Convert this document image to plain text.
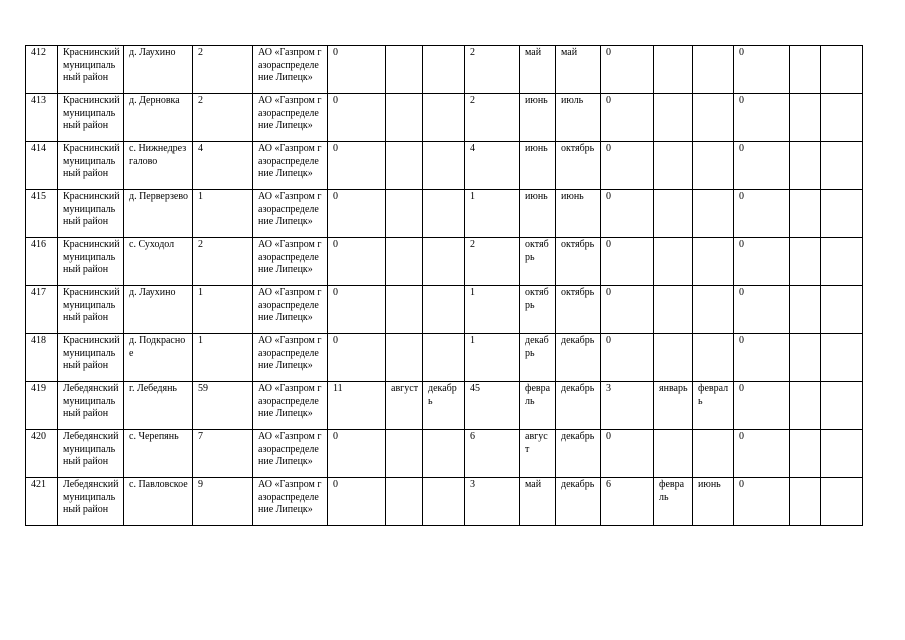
412	Краснинский муниципальный район	д. Лаухино	2	АО «Газпром газораспределение Липецк»	0			2	май	май	0			0		
413	Краснинский муниципальный район	д. Дерновка	2	АО «Газпром газораспределение Липецк»	0			2	июнь	июль	0			0		
414	Краснинский муниципальный район	с. Нижнедрезгалово	4	АО «Газпром газораспределение Липецк»	0			4	июнь	октябрь	0			0		
415	Краснинский муниципальный район	д. Перверзево	1	АО «Газпром газораспределение Липецк»	0			1	июнь	июнь	0			0		
416	Краснинский муниципальный район	с. Суходол	2	АО «Газпром газораспределение Липецк»	0			2	октябрь	октябрь	0			0		
417	Краснинский муниципальный район	д. Лаухино	1	АО «Газпром газораспределение Липецк»	0			1	октябрь	октябрь	0			0		
418	Краснинский муниципальный район	д. Подкрасное	1	АО «Газпром газораспределение Липецк»	0			1	декабрь	декабрь	0			0		
419	Лебедянский муниципальный район	г. Лебедянь	59	АО «Газпром газораспределение Липецк»	11	август	декабрь	45	февраль	декабрь	3	январь	февраль	0		
420	Лебедянский муниципальный район	с. Черепянь	7	АО «Газпром газораспределение Липецк»	0			6	август	декабрь	0			0		
421	Лебедянский муниципальный район	с. Павловское	9	АО «Газпром газораспределение Липецк»	0			3	май	декабрь	6	февраль	июнь	0		
